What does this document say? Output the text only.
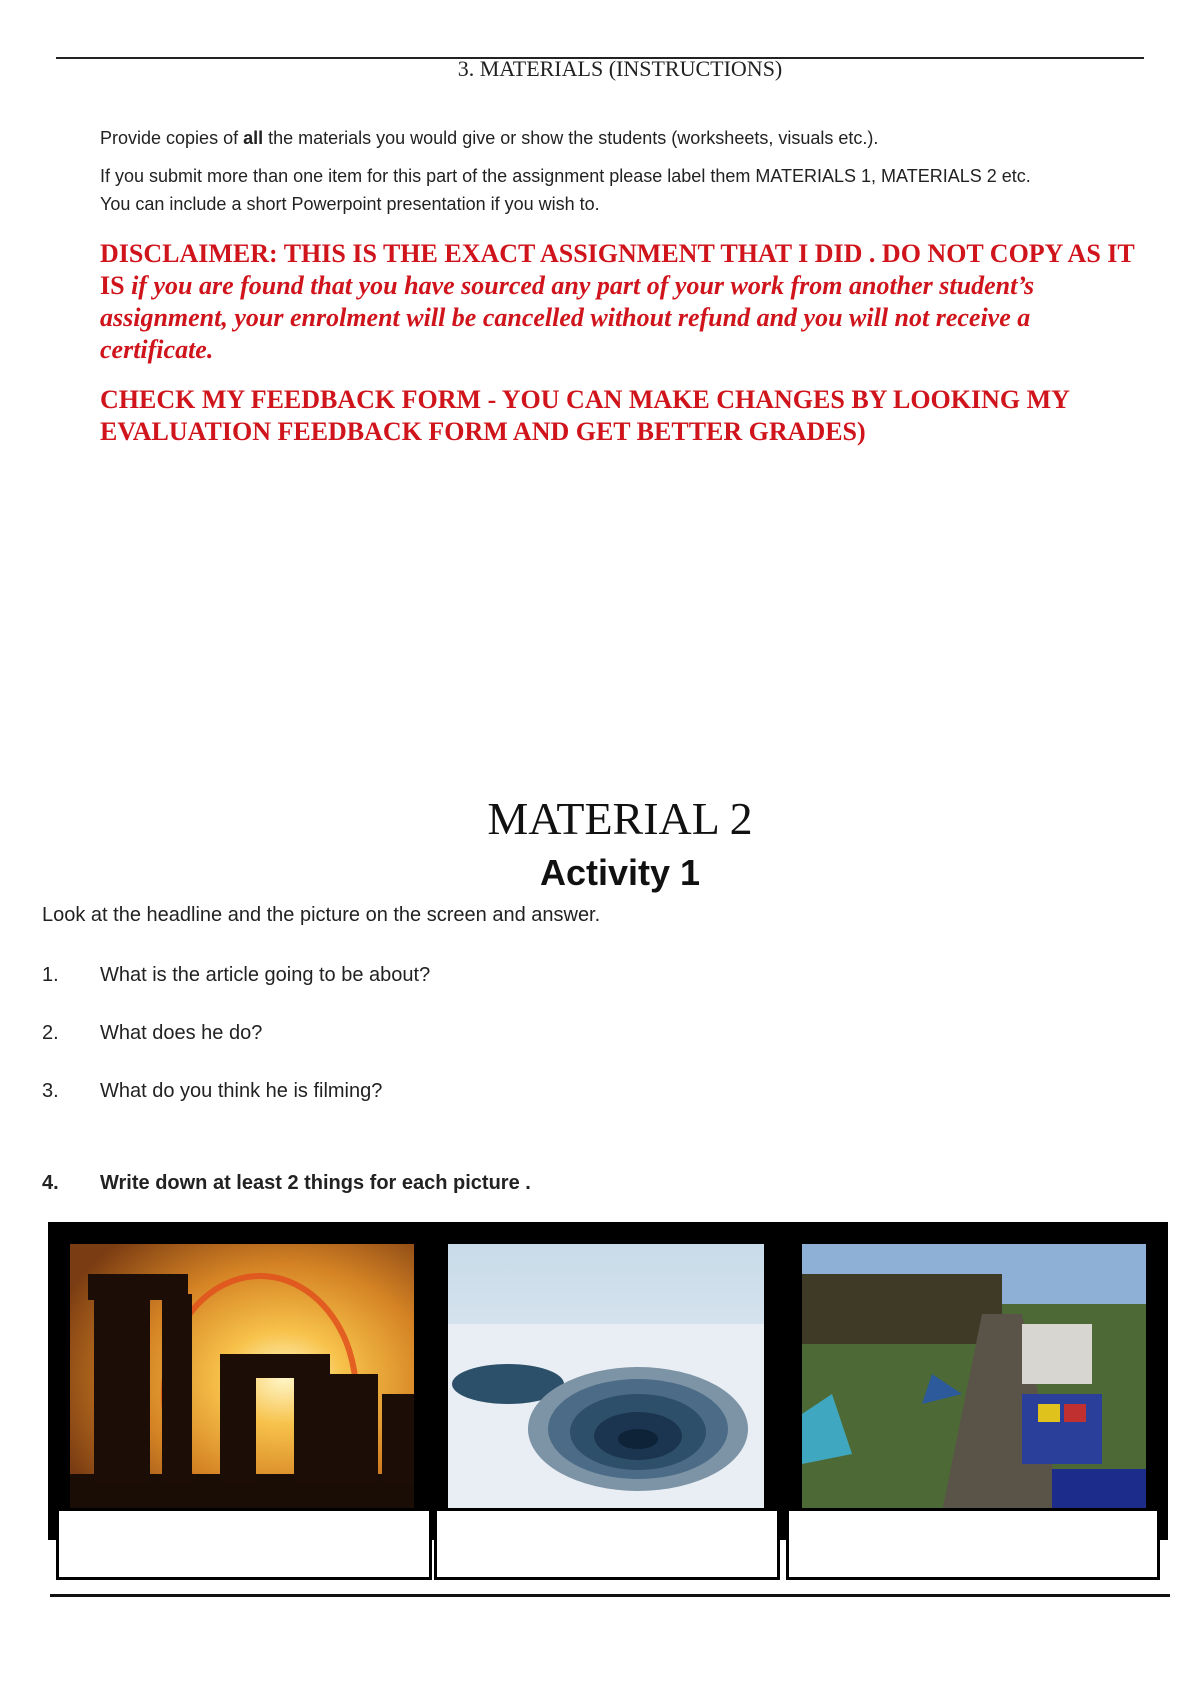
3. MATERIALS (INSTRUCTIONS)
Provide copies of all the materials you would give or show the students (worksheets, visuals etc.).
If you submit more than one item for this part of the assignment please label them MATERIALS 1, MATERIALS 2 etc.
You can include a short Powerpoint presentation if you wish to.
DISCLAIMER: THIS IS THE EXACT ASSIGNMENT THAT I DID . DO NOT COPY AS IT IS if you are found that you have sourced any part of your work from another student’s assignment, your enrolment will be cancelled without refund and you will not receive a certificate.
CHECK MY FEEDBACK FORM - YOU CAN MAKE CHANGES BY LOOKING MY EVALUATION FEEDBACK FORM AND GET BETTER GRADES)
MATERIAL 2
Activity 1
Look at the headline and the picture on the screen and answer.
1. What is the article going to be about?
2. What does he do?
3. What do you think he is filming?
4. Write down at least 2 things for each picture .
